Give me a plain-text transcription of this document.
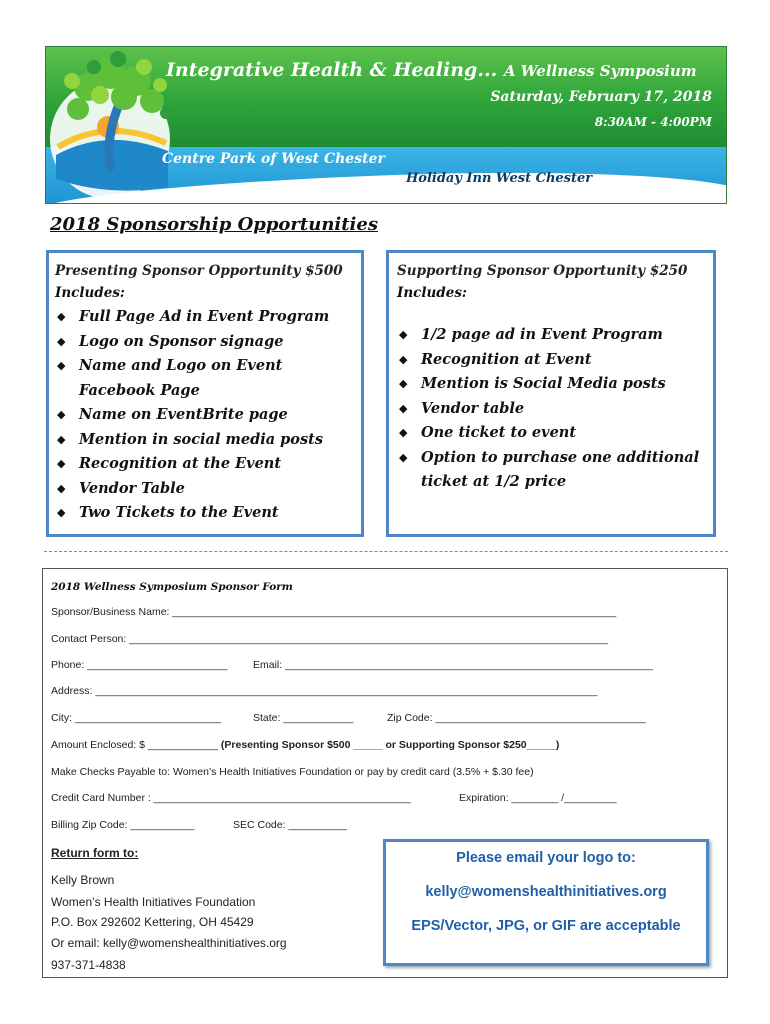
Integrative Health & Healing... A Wellness Symposium
Saturday, February 17, 2018
8:30AM - 4:00PM
Centre Park of West Chester
Holiday Inn West Chester
2018 Sponsorship Opportunities
Presenting Sponsor Opportunity $500
Includes:
◆ Full Page Ad in Event Program
◆ Logo on Sponsor signage
◆ Name and Logo on Event Facebook Page
◆ Name on EventBrite page
◆ Mention in social media posts
◆ Recognition at the Event
◆ Vendor Table
◆ Two Tickets to the Event
Supporting Sponsor Opportunity $250
Includes:
◆ 1/2 page ad in Event Program
◆ Recognition at Event
◆ Mention is Social Media posts
◆ Vendor table
◆ One ticket to event
◆ Option to purchase one additional ticket at 1/2 price
2018 Wellness Symposium Sponsor Form
Sponsor/Business Name: ____________________________________________________________________________
Contact Person: __________________________________________________________________________________
Phone: ________________________ Email: _______________________________________________________________
Address: ______________________________________________________________________________________
City: _________________________	State: ____________	Zip Code: ____________________________________
Amount Enclosed: $ ____________ (Presenting Sponsor $500 _____ or Supporting Sponsor $250_____)
Make Checks Payable to: Women’s Health Initiatives Foundation or pay by credit card (3.5% + $.30 fee)
Credit Card Number : ____________________________________________	Expiration: ________ /_________
Billing Zip Code: ___________	SEC Code: __________
Return form to:
Kelly Brown
Women’s Health Initiatives Foundation
P.O. Box 292602 Kettering, OH 45429
Or email: kelly@womenshealthinitiatives.org
937-371-4838
Please email your logo to:
kelly@womenshealthinitiatives.org
EPS/Vector, JPG, or GIF are acceptable
